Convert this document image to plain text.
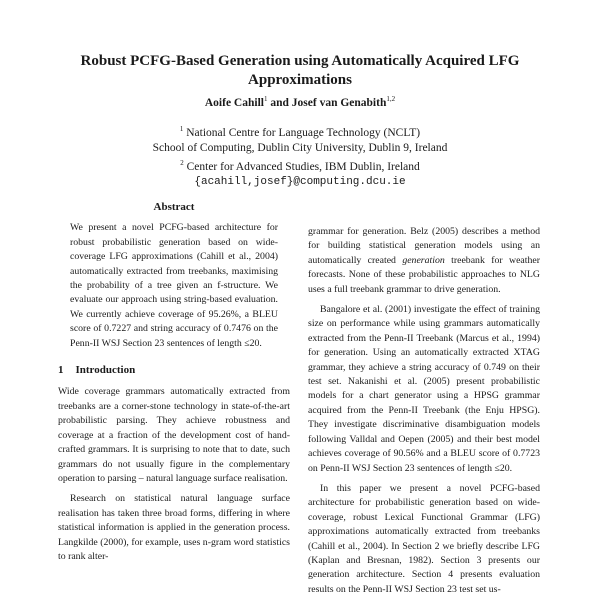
Robust PCFG-Based Generation using Automatically Acquired LFG Approximations
Aoife Cahill$^1$ and Josef van Genabith$^{1,2}$
$^1$ National Centre for Language Technology (NCLT)
School of Computing, Dublin City University, Dublin 9, Ireland
$^2$ Center for Advanced Studies, IBM Dublin, Ireland
{acahill,josef}@computing.dcu.ie
Abstract

We present a novel PCFG-based architecture for robust probabilistic generation based on wide-coverage LFG approximations (Cahill et al., 2004) automatically extracted from treebanks, maximising the probability of a tree given an f-structure. We evaluate our approach using string-based evaluation. We currently achieve coverage of 95.26%, a BLEU score of 0.7227 and string accuracy of 0.7476 on the Penn-II WSJ Section 23 sentences of length ≤20.

1 Introduction

Wide coverage grammars automatically extracted from treebanks are a corner-stone technology in state-of-the-art probabilistic parsing. They achieve robustness and coverage at a fraction of the development cost of hand-crafted grammars. It is surprising to note that to date, such grammars do not usually figure in the complementary operation to parsing – natural language surface realisation.

Research on statistical natural language surface realisation has taken three broad forms, differing in where statistical information is applied in the generation process. Langkilde (2000), for example, uses n-gram word statistics to rank alter-

grammar for generation. Belz (2005) describes a method for building statistical generation models using an automatically created generation treebank for weather forecasts. None of these probabilistic approaches to NLG uses a full treebank grammar to drive generation.

Bangalore et al. (2001) investigate the effect of training size on performance while using grammars automatically extracted from the Penn-II Treebank (Marcus et al., 1994) for generation. Using an automatically extracted XTAG grammar, they achieve a string accuracy of 0.749 on their test set. Nakanishi et al. (2005) present probabilistic models for a chart generator using a HPSG grammar acquired from the Penn-II Treebank (the Enju HPSG). They investigate discriminative disambiguation models following Valldal and Oepen (2005) and their best model achieves coverage of 90.56% and a BLEU score of 0.7723 on Penn-II WSJ Section 23 sentences of length ≤20.

In this paper we present a novel PCFG-based architecture for probabilistic generation based on wide-coverage, robust Lexical Functional Grammar (LFG) approximations automatically extracted from treebanks (Cahill et al., 2004). In Section 2 we briefly describe LFG (Kaplan and Bresnan, 1982). Section 3 presents our generation architecture. Section 4 presents evaluation results on the Penn-II WSJ Section 23 test set us-
